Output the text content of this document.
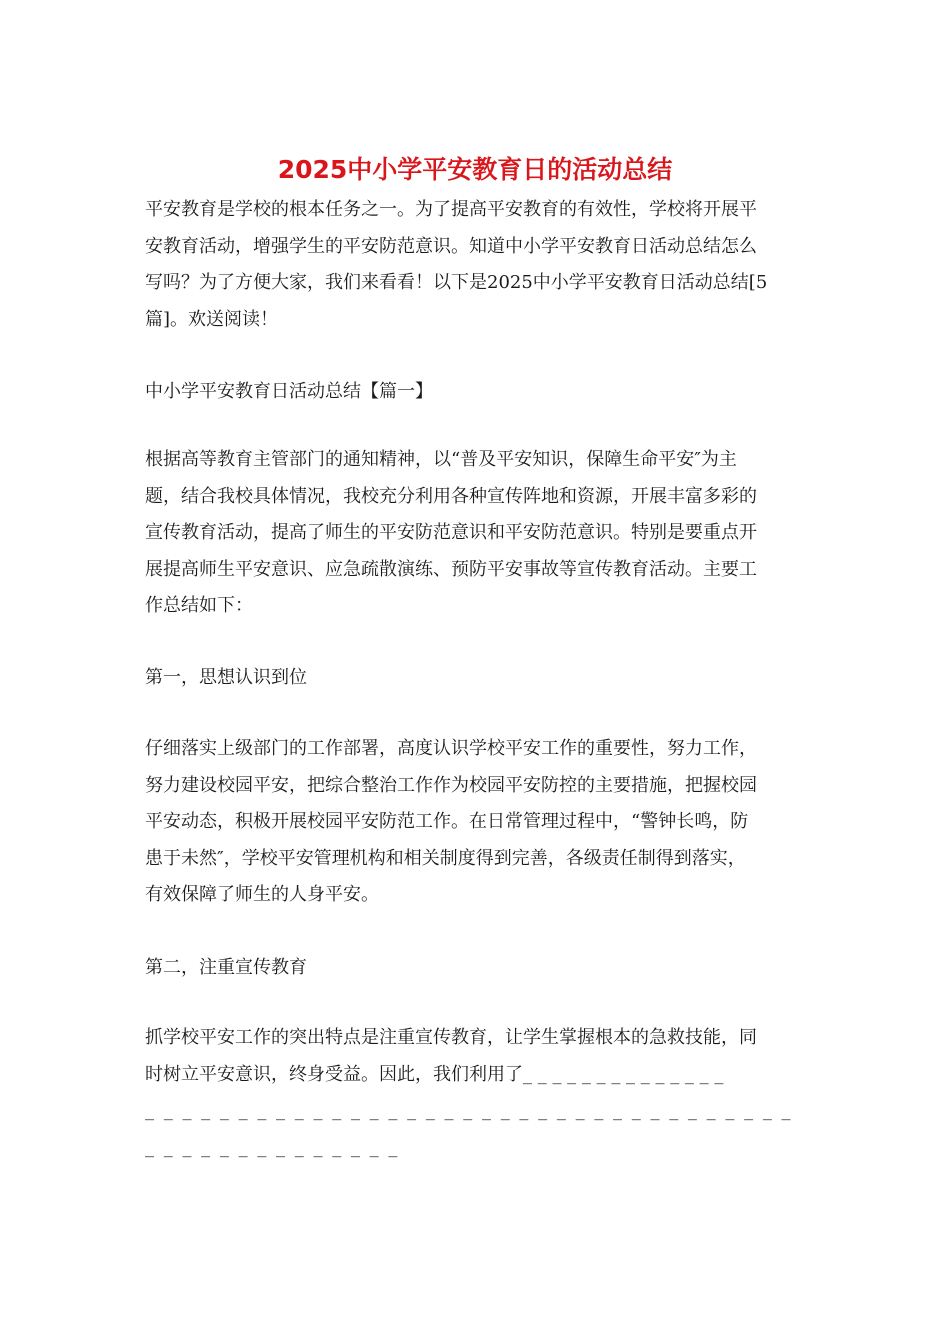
2025中小学平安教育日的活动总结

平安教育是学校的根本任务之一。为了提高平安教育的有效性，学校将开展平
安教育活动，增强学生的平安防范意识。知道中小学平安教育日活动总结怎么
写吗？为了方便大家，我们来看看！以下是2025中小学平安教育日活动总结[5
篇]。欢送阅读！

中小学平安教育日活动总结【篇一】

根据高等教育主管部门的通知精神，以“普及平安知识，保障生命平安″为主
题，结合我校具体情况，我校充分利用各种宣传阵地和资源，开展丰富多彩的
宣传教育活动，提高了师生的平安防范意识和平安防范意识。特别是要重点开
展提高师生平安意识、应急疏散演练、预防平安事故等宣传教育活动。主要工
作总结如下：

第一，思想认识到位

仔细落实上级部门的工作部署，高度认识学校平安工作的重要性，努力工作，
努力建设校园平安，把综合整治工作作为校园平安防控的主要措施，把握校园
平安动态，积极开展校园平安防范工作。在日常管理过程中，“警钟长鸣，防
患于未然″，学校平安管理机构和相关制度得到完善，各级责任制得到落实，
有效保障了师生的人身平安。

第二，注重宣传教育

抓学校平安工作的突出特点是注重宣传教育，让学生掌握根本的急救技能，同
时树立平安意识，终身受益。因此，我们利用了_ _ _ _ _ _ _ _ _ _ _ _ _ _
_ _ _ _ _ _ _ _ _ _ _ _ _ _ _ _ _ _ _ _ _ _ _ _ _ _ _ _ _ _ _ _ _ _ _
_ _ _ _ _ _ _ _ _ _ _ _ _ _
